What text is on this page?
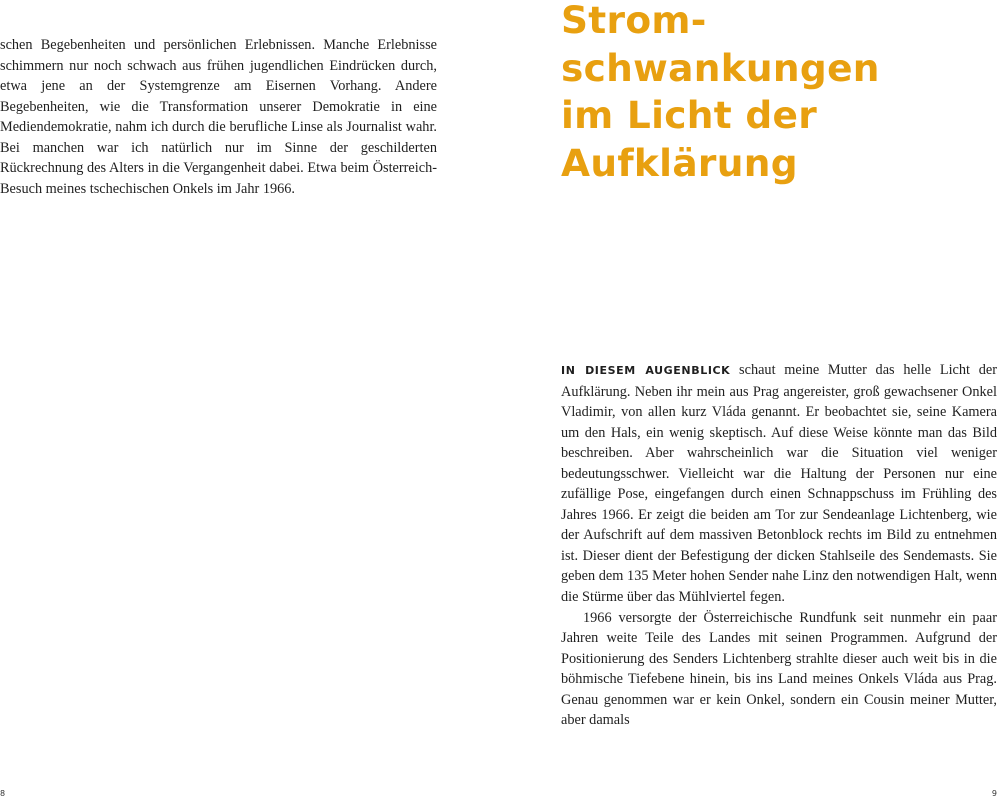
schen Begebenheiten und persönlichen Erlebnissen. Manche Erlebnisse schimmern nur noch schwach aus frühen jugendlichen Eindrücken durch, etwa jene an der Systemgrenze am Eisernen Vorhang. Andere Begebenheiten, wie die Transformation unserer Demokratie in eine Mediendemokratie, nahm ich durch die berufliche Linse als Journalist wahr. Bei manchen war ich natürlich nur im Sinne der geschilderten Rückrechnung des Alters in die Vergangenheit dabei. Etwa beim Österreich-Besuch meines tschechischen Onkels im Jahr 1966.

8
Strom-
schwankungen
im Licht der
Aufklärung

IN DIESEM AUGENBLICK schaut meine Mutter das helle Licht der Aufklärung. Neben ihr mein aus Prag angereister, groß gewachsener Onkel Vladimir, von allen kurz Vláda genannt. Er beobachtet sie, seine Kamera um den Hals, ein wenig skeptisch. Auf diese Weise könnte man das Bild beschreiben. Aber wahrscheinlich war die Situation viel weniger bedeutungsschwer. Vielleicht war die Haltung der Personen nur eine zufällige Pose, eingefangen durch einen Schnappschuss im Frühling des Jahres 1966. Er zeigt die beiden am Tor zur Sendeanlage Lichtenberg, wie der Aufschrift auf dem massiven Betonblock rechts im Bild zu entnehmen ist. Dieser dient der Befestigung der dicken Stahlseile des Sendemasts. Sie geben dem 135 Meter hohen Sender nahe Linz den notwendigen Halt, wenn die Stürme über das Mühlviertel fegen.

1966 versorgte der Österreichische Rundfunk seit nunmehr ein paar Jahren weite Teile des Landes mit seinen Programmen. Aufgrund der Positionierung des Senders Lichtenberg strahlte dieser auch weit bis in die böhmische Tiefebene hinein, bis ins Land meines Onkels Vláda aus Prag. Genau genommen war er kein Onkel, sondern ein Cousin meiner Mutter, aber damals

9
